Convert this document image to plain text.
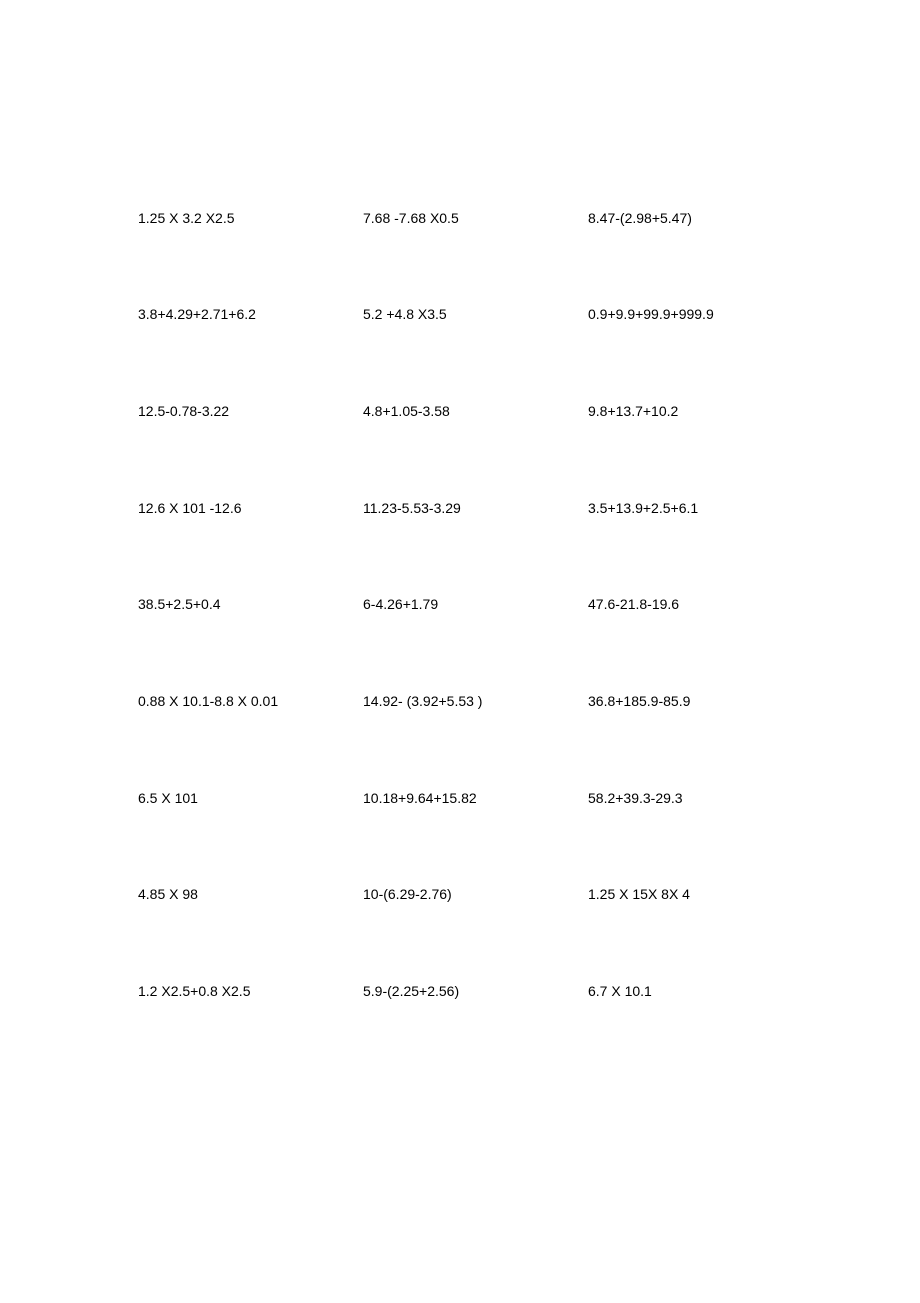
1.25 X 3.2 X2.5	7.68 -7.68 X0.5	8.47-(2.98+5.47)
3.8+4.29+2.71+6.2	5.2 +4.8 X3.5	0.9+9.9+99.9+999.9
12.5-0.78-3.22	4.8+1.05-3.58	9.8+13.7+10.2
12.6 X 101 -12.6	11.23-5.53-3.29	3.5+13.9+2.5+6.1
38.5+2.5+0.4	6-4.26+1.79	47.6-21.8-19.6
0.88 X 10.1-8.8 X 0.01	14.92- (3.92+5.53 )	36.8+185.9-85.9
6.5 X 101	10.18+9.64+15.82	58.2+39.3-29.3
4.85 X 98	10-(6.29-2.76)	1.25 X 15X 8X 4
1.2 X2.5+0.8 X2.5	5.9-(2.25+2.56)	6.7 X 10.1
